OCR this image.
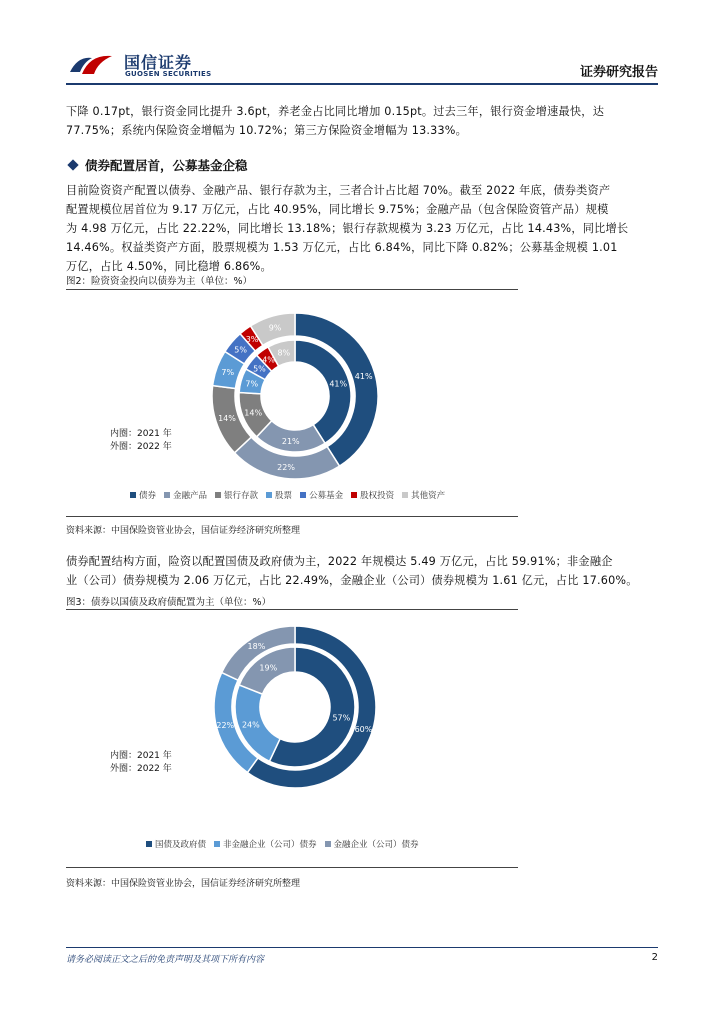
国信证券
GUOSEN SECURITIES	证券研究报告
下降 0.17pt，银行资金同比提升 3.6pt，养老金占比同比增加 0.15pt。过去三年，银行资金增速最快，达
77.75%；系统内保险资金增幅为 10.72%；第三方保险资金增幅为 13.33%。
债券配置居首，公募基金企稳
目前险资资产配置以债券、金融产品、银行存款为主，三者合计占比超 70%。截至 2022 年底，债券类资产
配置规模位居首位为 9.17 万亿元，占比 40.95%，同比增长 9.75%；金融产品（包含保险资管产品）规模
为 4.98 万亿元，占比 22.22%，同比增长 13.18%；银行存款规模为 3.23 万亿元，占比 14.43%，同比增长
14.46%。权益类资产方面，股票规模为 1.53 万亿元，占比 6.84%，同比下降 0.82%；公募基金规模 1.01
万亿，占比 4.50%，同比稳增 6.86%。
图2：险资资金投向以债券为主（单位：%）
41%
21%
14%
7%
5%
4%
8%
41%
22%
14%
7%
5%
3%
9%
内圈：2021 年
外圈：2022 年
债券 金融产品 银行存款 股票 公募基金 股权投资 其他资产
资料来源：中国保险资管业协会，国信证券经济研究所整理
债券配置结构方面，险资以配置国债及政府债为主，2022 年规模达 5.49 万亿元，占比 59.91%；非金融企
业（公司）债券规模为 2.06 万亿元，占比 22.49%，金融企业（公司）债券规模为 1.61 亿元，占比 17.60%。
图3：债券以国债及政府债配置为主（单位：%）
57%
24%
19%
60%
22%
18%
内圈：2021 年
外圈：2022 年
国债及政府债 非金融企业（公司）债券 金融企业（公司）债券
资料来源：中国保险资管业协会，国信证券经济研究所整理
请务必阅读正文之后的免责声明及其项下所有内容	2
